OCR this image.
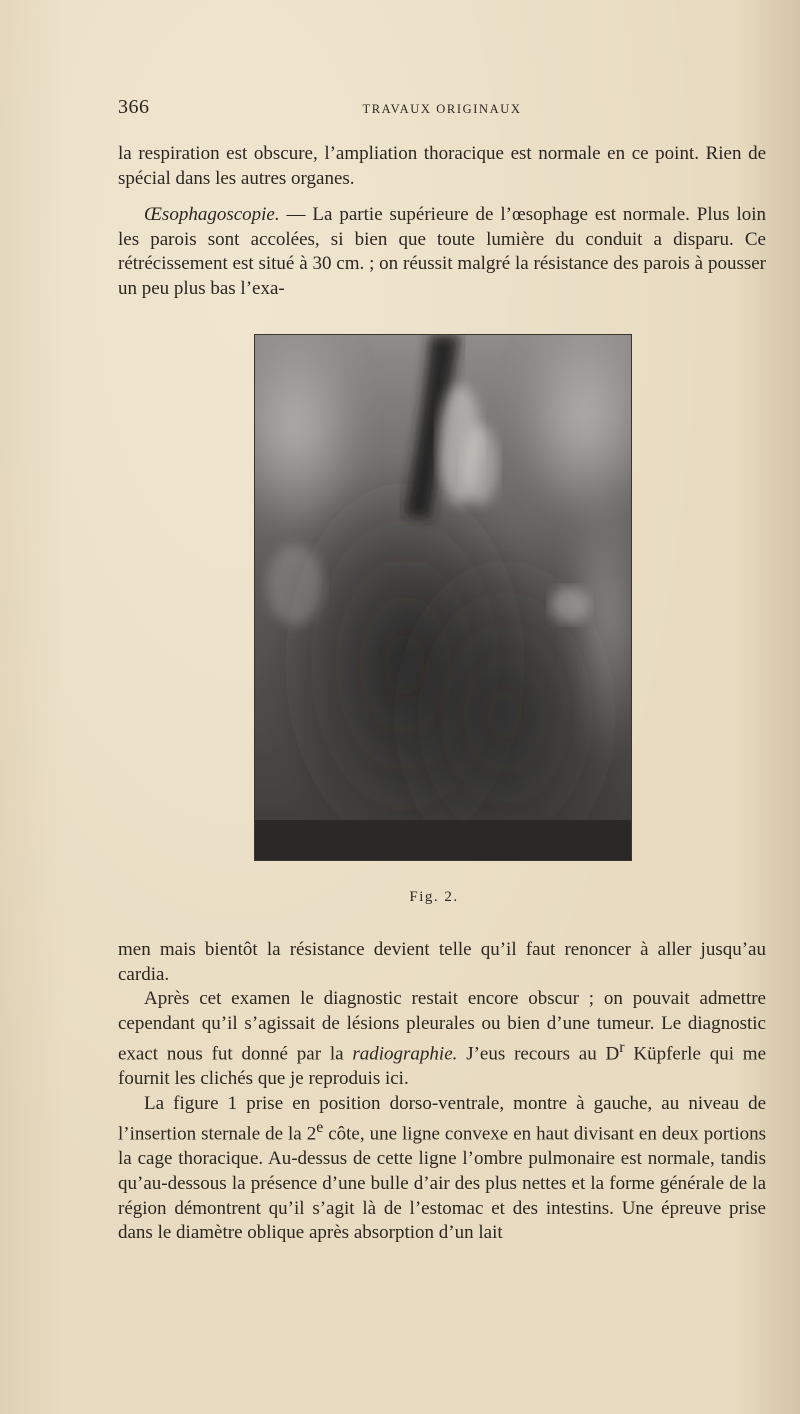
366	TRAVAUX ORIGINAUX

la respiration est obscure, l’ampliation thoracique est normale en ce point. Rien de spécial dans les autres organes.

Œsophagoscopie. — La partie supérieure de l’œsophage est normale. Plus loin les parois sont accolées, si bien que toute lumière du conduit a disparu. Ce rétrécissement est situé à 30 cm. ; on réussit malgré la résistance des parois à pousser un peu plus bas l’exa-

Fig. 2.

men mais bientôt la résistance devient telle qu’il faut renoncer à aller jusqu’au cardia.

Après cet examen le diagnostic restait encore obscur ; on pouvait admettre cependant qu’il s’agissait de lésions pleurales ou bien d’une tumeur. Le diagnostic exact nous fut donné par la radiographie. J’eus recours au $D^r$ Küpferle qui me fournit les clichés que je reproduis ici.

La figure 1 prise en position dorso-ventrale, montre à gauche, au niveau de l’insertion sternale de la 2e côte, une ligne convexe en haut divisant en deux portions la cage thoracique. Au-dessus de cette ligne l’ombre pulmonaire est normale, tandis qu’au-dessous la présence d’une bulle d’air des plus nettes et la forme générale de la région démontrent qu’il s’agit là de l’estomac et des intestins. Une épreuve prise dans le diamètre oblique après absorption d’un lait
